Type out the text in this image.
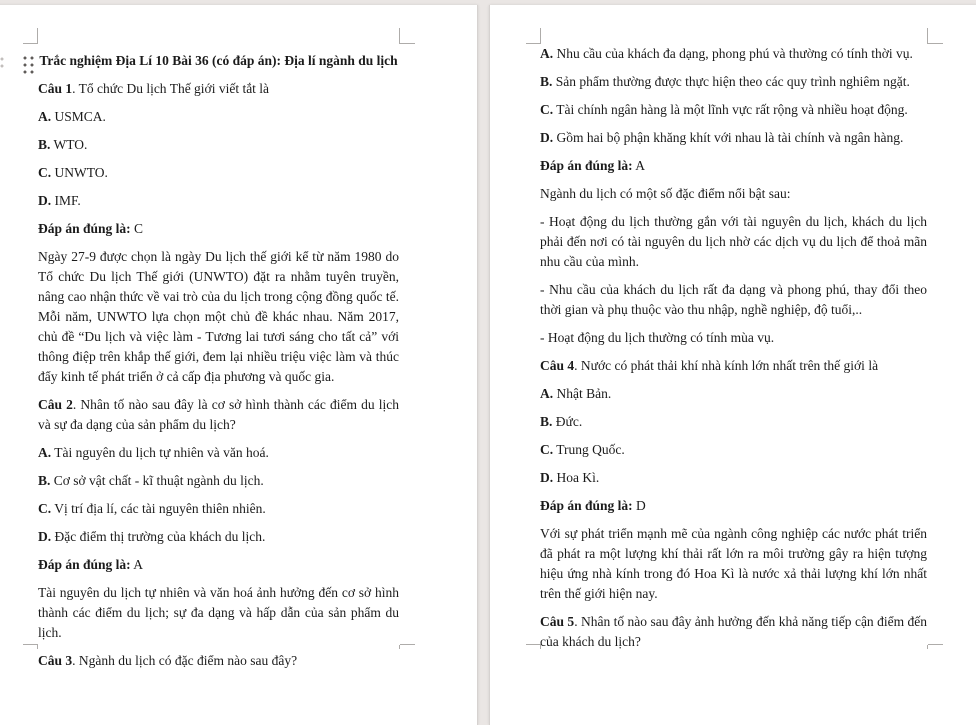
Trắc nghiệm Địa Lí 10 Bài 36 (có đáp án): Địa lí ngành du lịch

Câu 1. Tổ chức Du lịch Thế giới viết tắt là

A. USMCA.

B. WTO.

C. UNWTO.

D. IMF.

Đáp án đúng là: C

Ngày 27-9 được chọn là ngày Du lịch thế giới kể từ năm 1980 do Tổ chức Du lịch Thế giới (UNWTO) đặt ra nhằm tuyên truyền, nâng cao nhận thức về vai trò của du lịch trong cộng đồng quốc tế. Mỗi năm, UNWTO lựa chọn một chủ đề khác nhau. Năm 2017, chủ đề “Du lịch và việc làm - Tương lai tươi sáng cho tất cả” với thông điệp trên khắp thế giới, đem lại nhiều triệu việc làm và thúc đẩy kinh tế phát triển ở cả cấp địa phương và quốc gia.

Câu 2. Nhân tố nào sau đây là cơ sở hình thành các điểm du lịch và sự đa dạng của sản phẩm du lịch?

A. Tài nguyên du lịch tự nhiên và văn hoá.

B. Cơ sở vật chất - kĩ thuật ngành du lịch.

C. Vị trí địa lí, các tài nguyên thiên nhiên.

D. Đặc điểm thị trường của khách du lịch.

Đáp án đúng là: A

Tài nguyên du lịch tự nhiên và văn hoá ảnh hưởng đến cơ sở hình thành các điểm du lịch; sự đa dạng và hấp dẫn của sản phẩm du lịch.

Câu 3. Ngành du lịch có đặc điểm nào sau đây?

A. Nhu cầu của khách đa dạng, phong phú và thường có tính thời vụ.

B. Sản phẩm thường được thực hiện theo các quy trình nghiêm ngặt.

C. Tài chính ngân hàng là một lĩnh vực rất rộng và nhiều hoạt động.

D. Gồm hai bộ phận khăng khít với nhau là tài chính và ngân hàng.

Đáp án đúng là: A

Ngành du lịch có một số đặc điểm nổi bật sau:

- Hoạt động du lịch thường gắn với tài nguyên du lịch, khách du lịch phải đến nơi có tài nguyên du lịch nhờ các dịch vụ du lịch để thoả mãn nhu cầu của mình.

- Nhu cầu của khách du lịch rất đa dạng và phong phú, thay đổi theo thời gian và phụ thuộc vào thu nhập, nghề nghiệp, độ tuổi,..

- Hoạt động du lịch thường có tính mùa vụ.

Câu 4. Nước có phát thải khí nhà kính lớn nhất trên thế giới là

A. Nhật Bản.

B. Đức.

C. Trung Quốc.

D. Hoa Kì.

Đáp án đúng là: D

Với sự phát triển mạnh mẽ của ngành công nghiệp các nước phát triển đã phát ra một lượng khí thải rất lớn ra môi trường gây ra hiện tượng hiệu ứng nhà kính trong đó Hoa Kì là nước xả thải lượng khí lớn nhất trên thế giới hiện nay.

Câu 5. Nhân tố nào sau đây ảnh hưởng đến khả năng tiếp cận điểm đến của khách du lịch?
